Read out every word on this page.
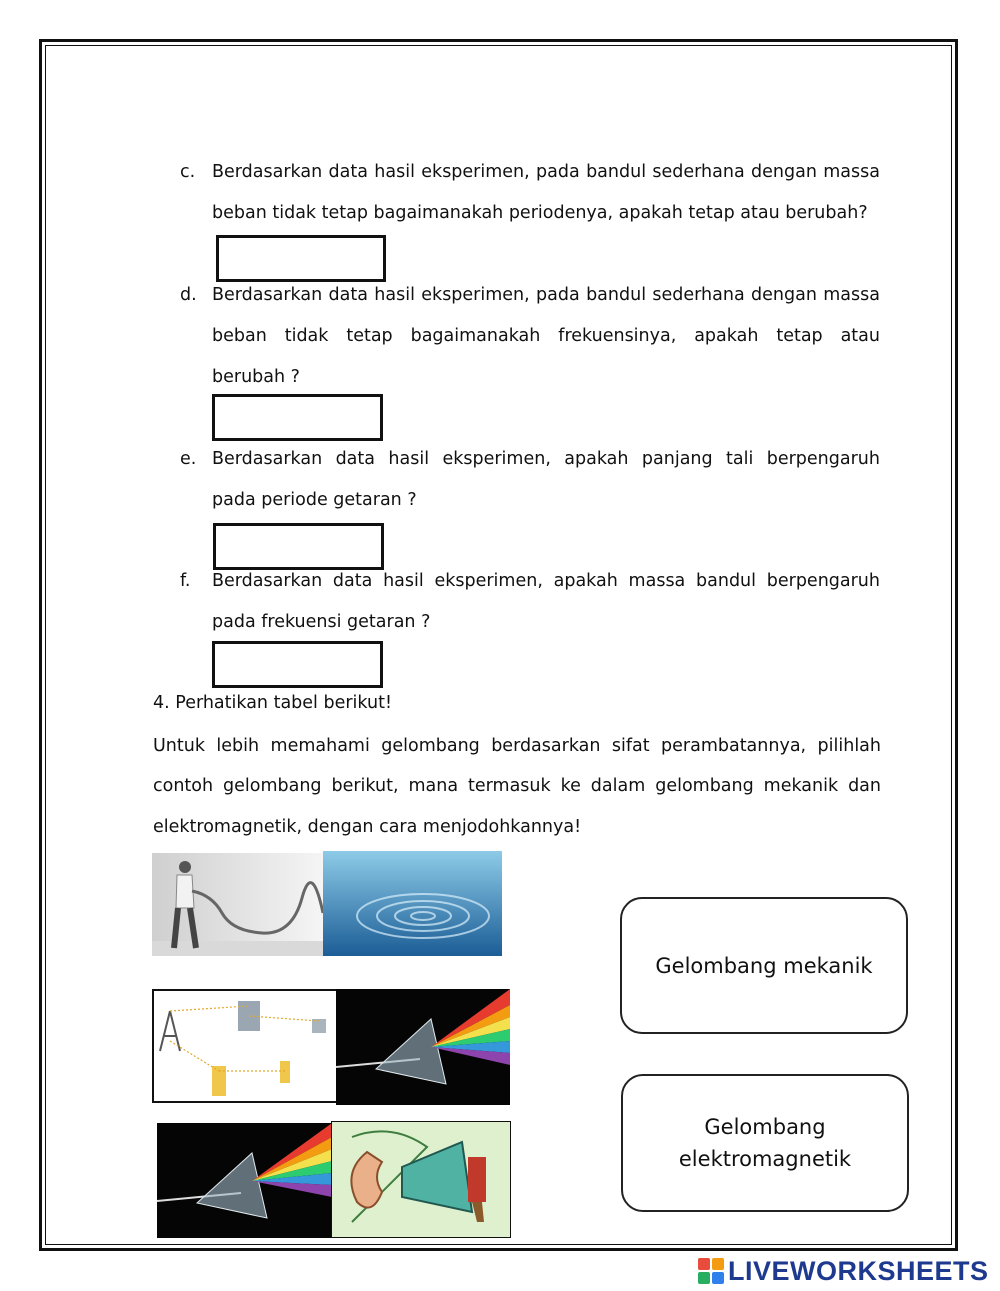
c. Berdasarkan data hasil eksperimen, pada bandul sederhana dengan massa
beban tidak tetap bagaimanakah periodenya, apakah tetap atau berubah?
d. Berdasarkan data hasil eksperimen, pada bandul sederhana dengan massa
beban tidak tetap bagaimanakah frekuensinya, apakah tetap atau
berubah ?
e. Berdasarkan data hasil eksperimen, apakah panjang tali berpengaruh
pada periode getaran ?
f.	Berdasarkan data hasil eksperimen, apakah massa bandul berpengaruh
pada frekuensi getaran ?
4. Perhatikan tabel berikut!
Untuk lebih memahami gelombang berdasarkan sifat perambatannya, pilihlah
contoh gelombang berikut, mana termasuk ke dalam gelombang mekanik dan
elektromagnetik, dengan cara menjodohkannya!
Gelombang mekanik
Gelombang
elektromagnetik
LIVEWORKSHEETS
